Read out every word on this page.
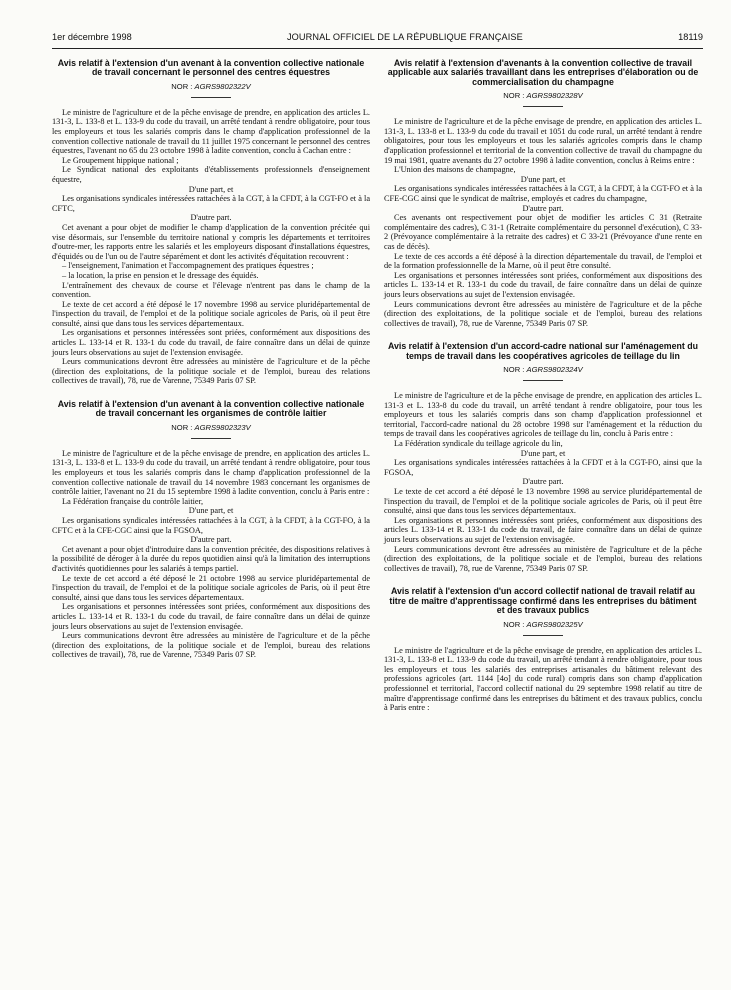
1er décembre 1998	JOURNAL OFFICIEL DE LA RÉPUBLIQUE FRANÇAISE	18119
Avis relatif à l'extension d'un avenant à la convention collective nationale de travail concernant le personnel des centres équestres
NOR : AGRS9802322V

Le ministre de l'agriculture et de la pêche envisage de prendre, en application des articles L. 131-3, L. 133-8 et L. 133-9 du code du travail, un arrêté tendant à rendre obligatoire, pour tous les employeurs et tous les salariés compris dans le champ d'application professionnel de la convention collective nationale de travail du 11 juillet 1975 concernant le personnel des centres équestres, l'avenant no 65 du 23 octobre 1998 à ladite convention, conclu à Cachan entre :

Le Groupement hippique national ;

Le Syndicat national des exploitants d'établissements professionnels d'enseignement équestre,

D'une part, et

Les organisations syndicales intéressées rattachées à la CGT, à la CFDT, à la CGT-FO et à la CFTC,

D'autre part.

Cet avenant a pour objet de modifier le champ d'application de la convention précitée qui vise désormais, sur l'ensemble du territoire national y compris les départements et territoires d'outre-mer, les rapports entre les salariés et les employeurs disposant d'installations équestres, d'équidés ou de l'un ou de l'autre séparément et dont les activités d'équitation recouvrent :

– l'enseignement, l'animation et l'accompagnement des pratiques équestres ;

– la location, la prise en pension et le dressage des équidés.

L'entraînement des chevaux de course et l'élevage n'entrent pas dans le champ de la convention.

Le texte de cet accord a été déposé le 17 novembre 1998 au service pluridépartemental de l'inspection du travail, de l'emploi et de la politique sociale agricoles de Paris, où il peut être consulté, ainsi que dans tous les services départementaux.

Les organisations et personnes intéressées sont priées, conformément aux dispositions des articles L. 133-14 et R. 133-1 du code du travail, de faire connaître dans un délai de quinze jours leurs observations au sujet de l'extension envisagée.

Leurs communications devront être adressées au ministère de l'agriculture et de la pêche (direction des exploitations, de la politique sociale et de l'emploi, bureau des relations collectives de travail), 78, rue de Varenne, 75349 Paris 07 SP.

Avis relatif à l'extension d'un avenant à la convention collective nationale de travail concernant les organismes de contrôle laitier
NOR : AGRS9802323V

Le ministre de l'agriculture et de la pêche envisage de prendre, en application des articles L. 131-3, L. 133-8 et L. 133-9 du code du travail, un arrêté tendant à rendre obligatoire, pour tous les employeurs et tous les salariés compris dans le champ d'application professionnel de la convention collective nationale de travail du 14 novembre 1983 concernant les organismes de contrôle laitier, l'avenant no 21 du 15 septembre 1998 à ladite convention, conclu à Paris entre :

La Fédération française du contrôle laitier,

D'une part, et

Les organisations syndicales intéressées rattachées à la CGT, à la CFDT, à la CGT-FO, à la CFTC et à la CFE-CGC ainsi que la FGSOA,

D'autre part.

Cet avenant a pour objet d'introduire dans la convention précitée, des dispositions relatives à la possibilité de déroger à la durée du repos quotidien ainsi qu'à la limitation des interruptions d'activités quotidiennes pour les salariés à temps partiel.

Le texte de cet accord a été déposé le 21 octobre 1998 au service pluridépartemental de l'inspection du travail, de l'emploi et de la politique sociale agricoles de Paris, où il peut être consulté, ainsi que dans tous les services départementaux.

Les organisations et personnes intéressées sont priées, conformément aux dispositions des articles L. 133-14 et R. 133-1 du code du travail, de faire connaître dans un délai de quinze jours leurs observations au sujet de l'extension envisagée.

Leurs communications devront être adressées au ministère de l'agriculture et de la pêche (direction des exploitations, de la politique sociale et de l'emploi, bureau des relations collectives de travail), 78, rue de Varenne, 75349 Paris 07 SP.

Avis relatif à l'extension d'avenants à la convention collective de travail applicable aux salariés travaillant dans les entreprises d'élaboration ou de commercialisation du champagne
NOR : AGRS9802328V

Le ministre de l'agriculture et de la pêche envisage de prendre, en application des articles L. 131-3, L. 133-8 et L. 133-9 du code du travail et 1051 du code rural, un arrêté tendant à rendre obligatoires, pour tous les employeurs et tous les salariés agricoles compris dans le champ d'application professionnel et territorial de la convention collective de travail du champagne du 19 mai 1981, quatre avenants du 27 octobre 1998 à ladite convention, conclus à Reims entre :

L'Union des maisons de champagne,

D'une part, et

Les organisations syndicales intéressées rattachées à la CGT, à la CFDT, à la CGT-FO et à la CFE-CGC ainsi que le syndicat de maîtrise, employés et cadres du champagne,

D'autre part.

Ces avenants ont respectivement pour objet de modifier les articles C 31 (Retraite complémentaire des cadres), C 31-1 (Retraite complémentaire du personnel d'exécution), C 33-2 (Prévoyance complémentaire à la retraite des cadres) et C 33-21 (Prévoyance d'une rente en cas de décès).

Le texte de ces accords a été déposé à la direction départementale du travail, de l'emploi et de la formation professionnelle de la Marne, où il peut être consulté.

Les organisations et personnes intéressées sont priées, conformément aux dispositions des articles L. 133-14 et R. 133-1 du code du travail, de faire connaître dans un délai de quinze jours leurs observations au sujet de l'extension envisagée.

Leurs communications devront être adressées au ministère de l'agriculture et de la pêche (direction des exploitations, de la politique sociale et de l'emploi, bureau des relations collectives de travail), 78, rue de Varenne, 75349 Paris 07 SP.

Avis relatif à l'extension d'un accord-cadre national sur l'aménagement du temps de travail dans les coopératives agricoles de teillage du lin
NOR : AGRS9802324V

Le ministre de l'agriculture et de la pêche envisage de prendre, en application des articles L. 131-3 et L. 133-8 du code du travail, un arrêté tendant à rendre obligatoire, pour tous les employeurs et tous les salariés compris dans son champ d'application professionnel et territorial, l'accord-cadre national du 28 octobre 1998 sur l'aménagement et la réduction du temps de travail dans les coopératives agricoles de teillage du lin, conclu à Paris entre :

La Fédération syndicale du teillage agricole du lin,

D'une part, et

Les organisations syndicales intéressées rattachées à la CFDT et à la CGT-FO, ainsi que la FGSOA,

D'autre part.

Le texte de cet accord a été déposé le 13 novembre 1998 au service pluridépartemental de l'inspection du travail, de l'emploi et de la politique sociale agricoles de Paris, où il peut être consulté, ainsi que dans tous les services départementaux.

Les organisations et personnes intéressées sont priées, conformément aux dispositions des articles L. 133-14 et R. 133-1 du code du travail, de faire connaître dans un délai de quinze jours leurs observations au sujet de l'extension envisagée.

Leurs communications devront être adressées au ministère de l'agriculture et de la pêche (direction des exploitations, de la politique sociale et de l'emploi, bureau des relations collectives de travail), 78, rue de Varenne, 75349 Paris 07 SP.

Avis relatif à l'extension d'un accord collectif national de travail relatif au titre de maître d'apprentissage confirmé dans les entreprises du bâtiment et des travaux publics
NOR : AGRS9802325V

Le ministre de l'agriculture et de la pêche envisage de prendre, en application des articles L. 131-3, L. 133-8 et L. 133-9 du code du travail, un arrêté tendant à rendre obligatoire, pour tous les employeurs et tous les salariés des entreprises artisanales du bâtiment relevant des professions agricoles (art. 1144 [4o] du code rural) compris dans son champ d'application professionnel et territorial, l'accord collectif national du 29 septembre 1998 relatif au titre de maître d'apprentissage confirmé dans les entreprises du bâtiment et des travaux publics, conclu à Paris entre :
